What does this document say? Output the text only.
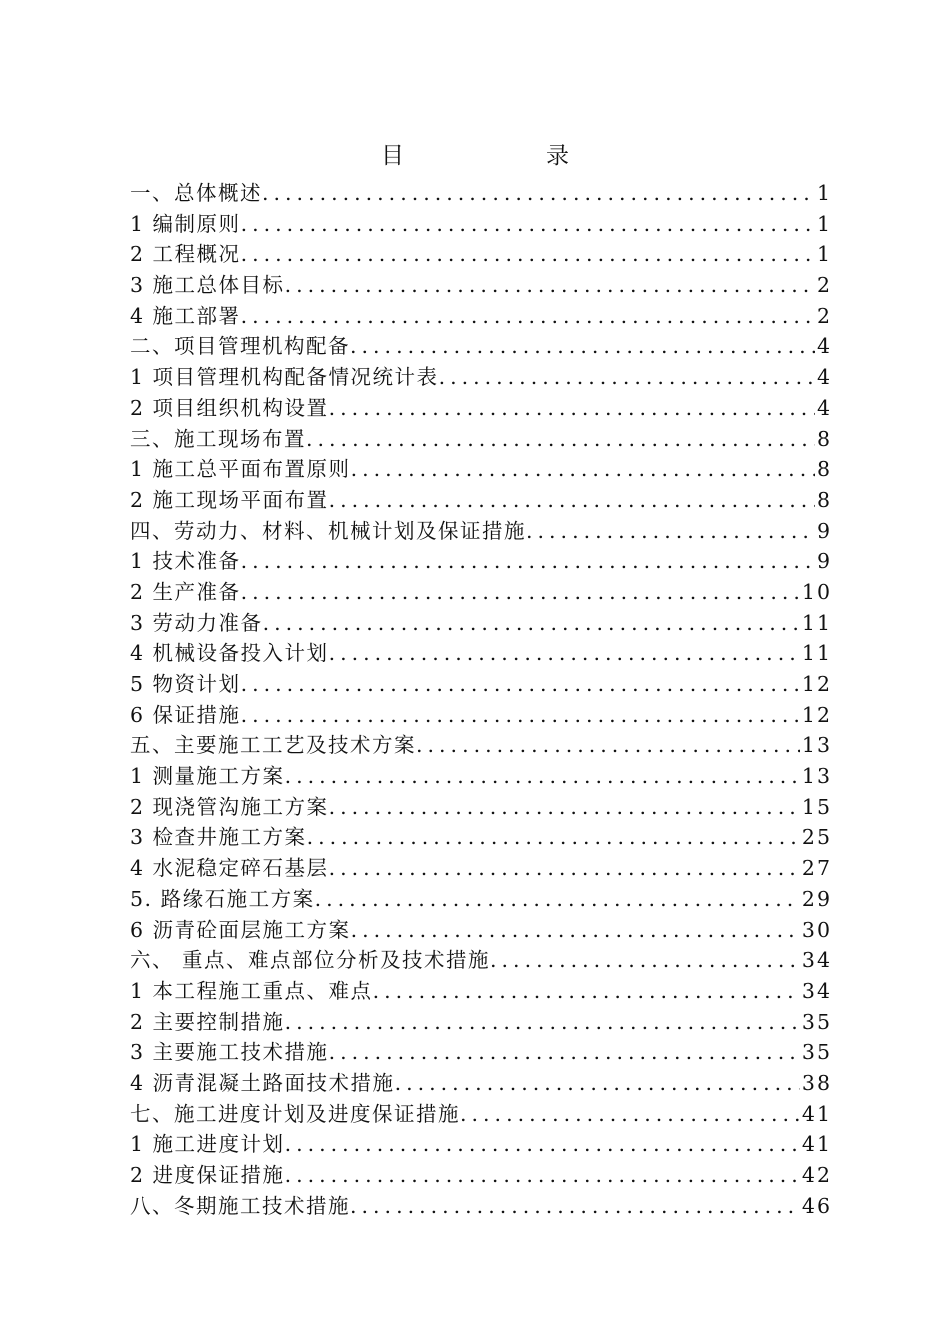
目	录
一、总体概述 .....	1
1 编制原则 .....	1
2 工程概况 .....	1
3 施工总体目标 .....	2
4 施工部署 .....	2
二、项目管理机构配备 .....	4
1 项目管理机构配备情况统计表 .....	4
2 项目组织机构设置 .....	4
三、施工现场布置 .....	8
1 施工总平面布置原则 .....	8
2 施工现场平面布置 .....	8
四、劳动力、材料、机械计划及保证措施 .....	9
1 技术准备 .....	9
2 生产准备 .....	10
3 劳动力准备 .....	11
4 机械设备投入计划 .....	11
5 物资计划 .....	12
6 保证措施 .....	12
五、主要施工工艺及技术方案 .....	13
1 测量施工方案 .....	13
2 现浇管沟施工方案 .....	15
3 检查井施工方案 .....	25
4 水泥稳定碎石基层 .....	27
5. 路缘石施工方案 .....	29
6 沥青砼面层施工方案 .....	30
六、 重点、难点部位分析及技术措施 .....	34
1 本工程施工重点、难点 .....	34
2 主要控制措施 .....	35
3 主要施工技术措施 .....	35
4 沥青混凝土路面技术措施 .....	38
七、施工进度计划及进度保证措施 .....	41
1 施工进度计划 .....	41
2 进度保证措施 .....	42
八、冬期施工技术措施 .....	46
